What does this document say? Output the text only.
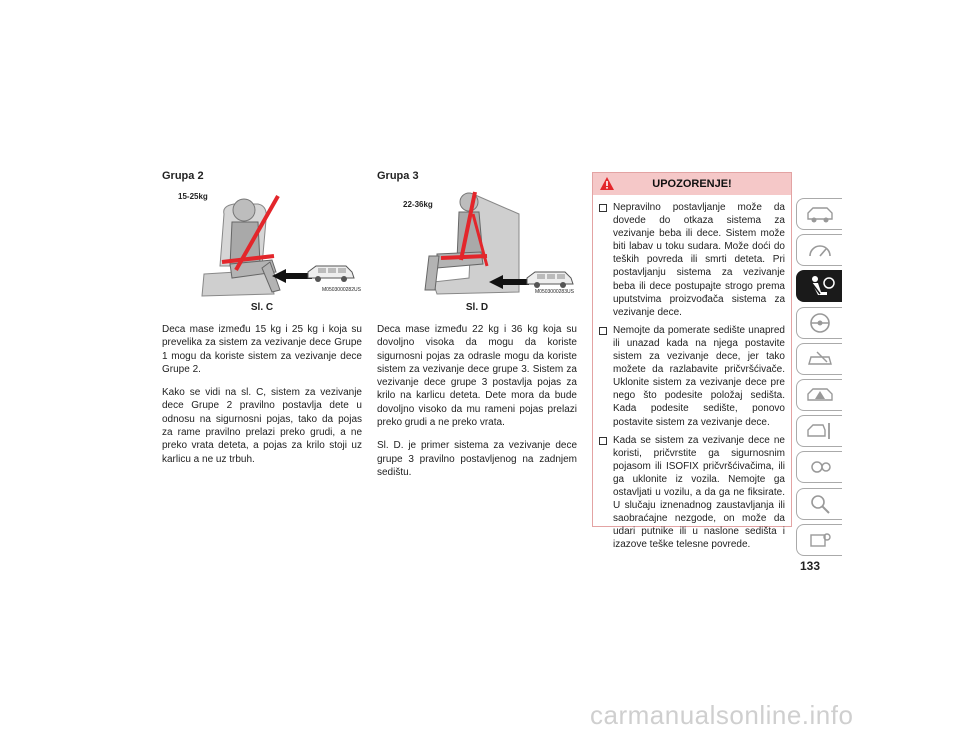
Grupa 2
15-25kg
M0503000282US
Sl. C

Deca mase između 15 kg i 25 kg i koja su prevelika za sistem za vezivanje dece Grupe 1 mogu da koriste sistem za vezivanje dece Grupe 2.

Kako se vidi na sl. C, sistem za vezivanje dece Grupe 2 pravilno postavlja dete u odnosu na sigurnosni pojas, tako da pojas za rame pravilno prelazi preko grudi, a ne preko vrata deteta, a pojas za krilo stoji uz karlicu a ne uz trbuh.

Grupa 3
22-36kg
M0503000283US
Sl. D

Deca mase između 22 kg i 36 kg koja su dovoljno visoka da mogu da koriste sigurnosni pojas za odrasle mogu da koriste sistem za vezivanje dece grupe 3. Sistem za vezivanje dece grupe 3 postavlja pojas za krilo na karlicu deteta. Dete mora da bude dovoljno visoko da mu rameni pojas prelazi preko grudi a ne preko vrata.

Sl. D. je primer sistema za vezivanje dece grupe 3 pravilno postavljenog na zadnjem sedištu.

UPOZORENJE!
Nepravilno postavljanje može da dovede do otkaza sistema za vezivanje beba ili dece. Sistem može biti labav u toku sudara. Može doći do teških povreda ili smrti deteta. Pri postavljanju sistema za vezivanje beba ili dece postupajte strogo prema uputstvima proizvođača sistema za vezivanje dece.
Nemojte da pomerate sedište unapred ili unazad kada na njega postavite sistem za vezivanje dece, jer tako možete da razlabavite pričvršćivače. Uklonite sistem za vezivanje dece pre nego što podesite položaj sedišta. Kada podesite sedište, ponovo postavite sistem za vezivanje dece.
Kada se sistem za vezivanje dece ne koristi, pričvrstite ga sigurnosnim pojasom ili ISOFIX pričvršćivačima, ili ga uklonite iz vozila. Nemojte ga ostavljati u vozilu, a da ga ne fiksirate. U slučaju iznenadnog zaustavljanja ili saobraćajne nezgode, on može da udari putnike ili u naslone sedišta i izazove teške telesne povrede.
133
carmanualsonline.info
